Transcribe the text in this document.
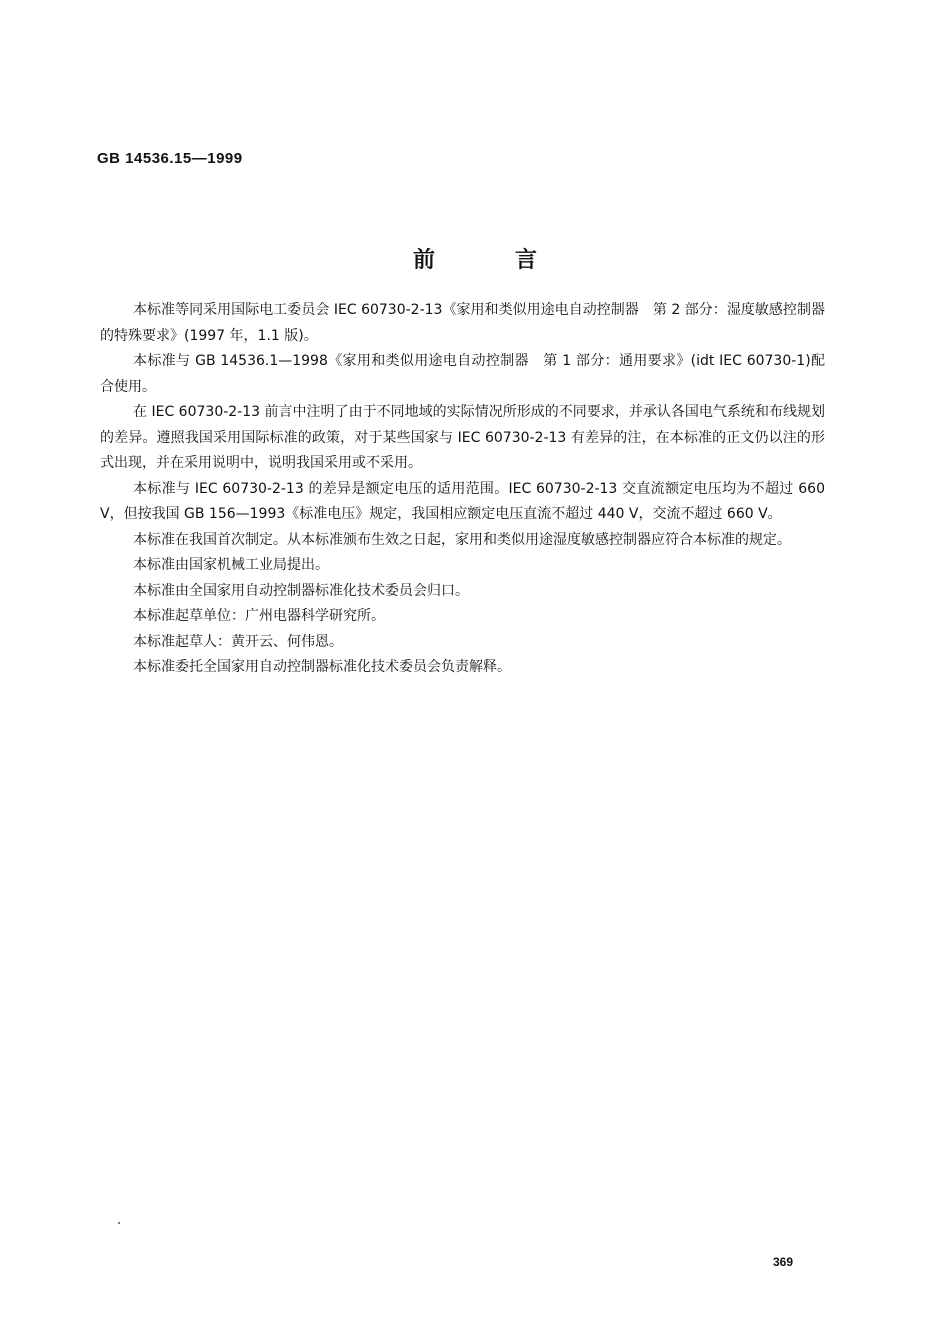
GB 14536.15—1999
前	言

本标准等同采用国际电工委员会 IEC 60730-2-13《家用和类似用途电自动控制器　第 2 部分：湿度敏感控制器的特殊要求》(1997 年，1.1 版)。

本标准与 GB 14536.1—1998《家用和类似用途电自动控制器　第 1 部分：通用要求》(idt IEC 60730-1)配合使用。

在 IEC 60730-2-13 前言中注明了由于不同地域的实际情况所形成的不同要求，并承认各国电气系统和布线规划的差异。遵照我国采用国际标准的政策，对于某些国家与 IEC 60730-2-13 有差异的注，在本标准的正文仍以注的形式出现，并在采用说明中，说明我国采用或不采用。

本标准与 IEC 60730-2-13 的差异是额定电压的适用范围。IEC 60730-2-13 交直流额定电压均为不超过 660 V，但按我国 GB 156—1993《标准电压》规定，我国相应额定电压直流不超过 440 V，交流不超过 660 V。

本标准在我国首次制定。从本标准颁布生效之日起，家用和类似用途湿度敏感控制器应符合本标准的规定。

本标准由国家机械工业局提出。

本标准由全国家用自动控制器标准化技术委员会归口。

本标准起草单位：广州电器科学研究所。

本标准起草人：黄开云、何伟恩。

本标准委托全国家用自动控制器标准化技术委员会负责解释。

369
